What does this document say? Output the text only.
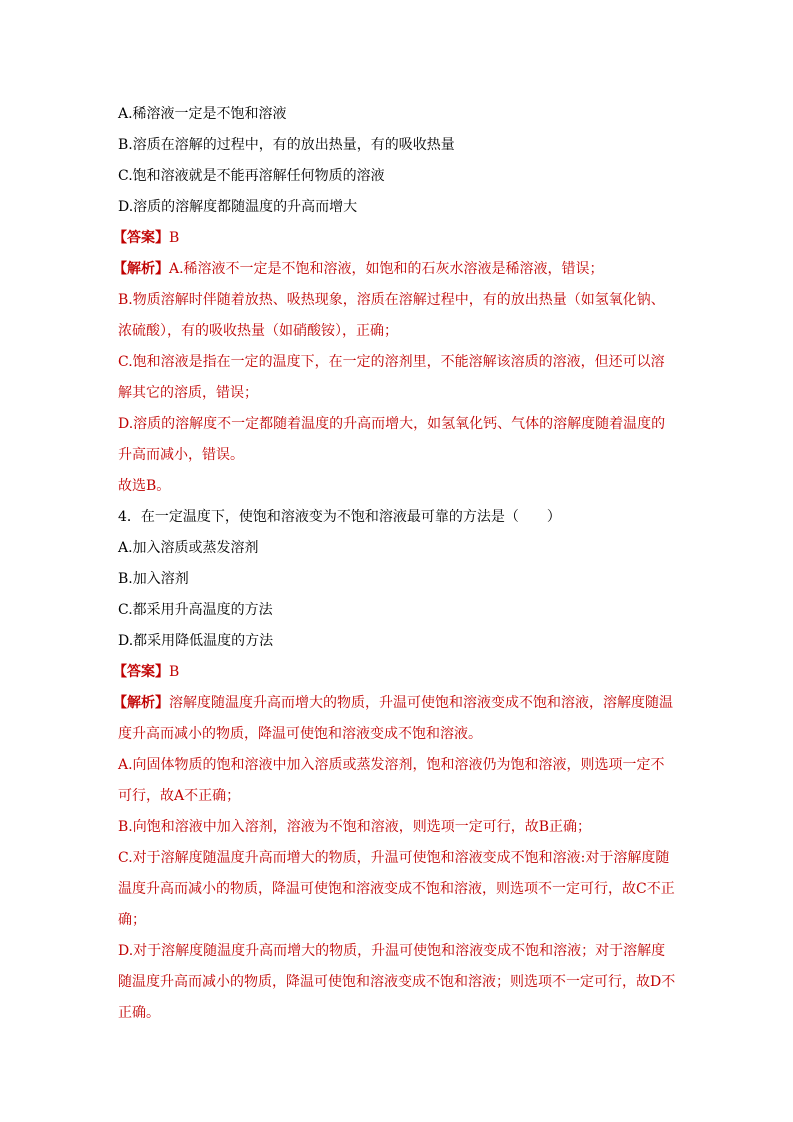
A.稀溶液一定是不饱和溶液
B.溶质在溶解的过程中，有的放出热量，有的吸收热量
C.饱和溶液就是不能再溶解任何物质的溶液
D.溶质的溶解度都随温度的升高而增大
【答案】B
【解析】A.稀溶液不一定是不饱和溶液，如饱和的石灰水溶液是稀溶液，错误；
B.物质溶解时伴随着放热、吸热现象，溶质在溶解过程中，有的放出热量（如氢氧化钠、浓硫酸），有的吸收热量（如硝酸铵），正确；
C.饱和溶液是指在一定的温度下，在一定的溶剂里，不能溶解该溶质的溶液，但还可以溶解其它的溶质，错误；
D.溶质的溶解度不一定都随着温度的升高而增大，如氢氧化钙、气体的溶解度随着温度的升高而减小，错误。
故选B。
4．在一定温度下，使饱和溶液变为不饱和溶液最可靠的方法是（　　）
A.加入溶质或蒸发溶剂
B.加入溶剂
C.都采用升高温度的方法
D.都采用降低温度的方法
【答案】B
【解析】溶解度随温度升高而增大的物质，升温可使饱和溶液变成不饱和溶液，溶解度随温度升高而减小的物质，降温可使饱和溶液变成不饱和溶液。
A.向固体物质的饱和溶液中加入溶质或蒸发溶剂，饱和溶液仍为饱和溶液，则选项一定不可行，故A不正确；
B.向饱和溶液中加入溶剂，溶液为不饱和溶液，则选项一定可行，故B正确；
C.对于溶解度随温度升高而增大的物质，升温可使饱和溶液变成不饱和溶液:对于溶解度随温度升高而减小的物质，降温可使饱和溶液变成不饱和溶液，则选项不一定可行，故C不正确；
D.对于溶解度随温度升高而增大的物质，升温可使饱和溶液变成不饱和溶液；对于溶解度随温度升高而减小的物质，降温可使饱和溶液变成不饱和溶液；则选项不一定可行，故D不正确。
